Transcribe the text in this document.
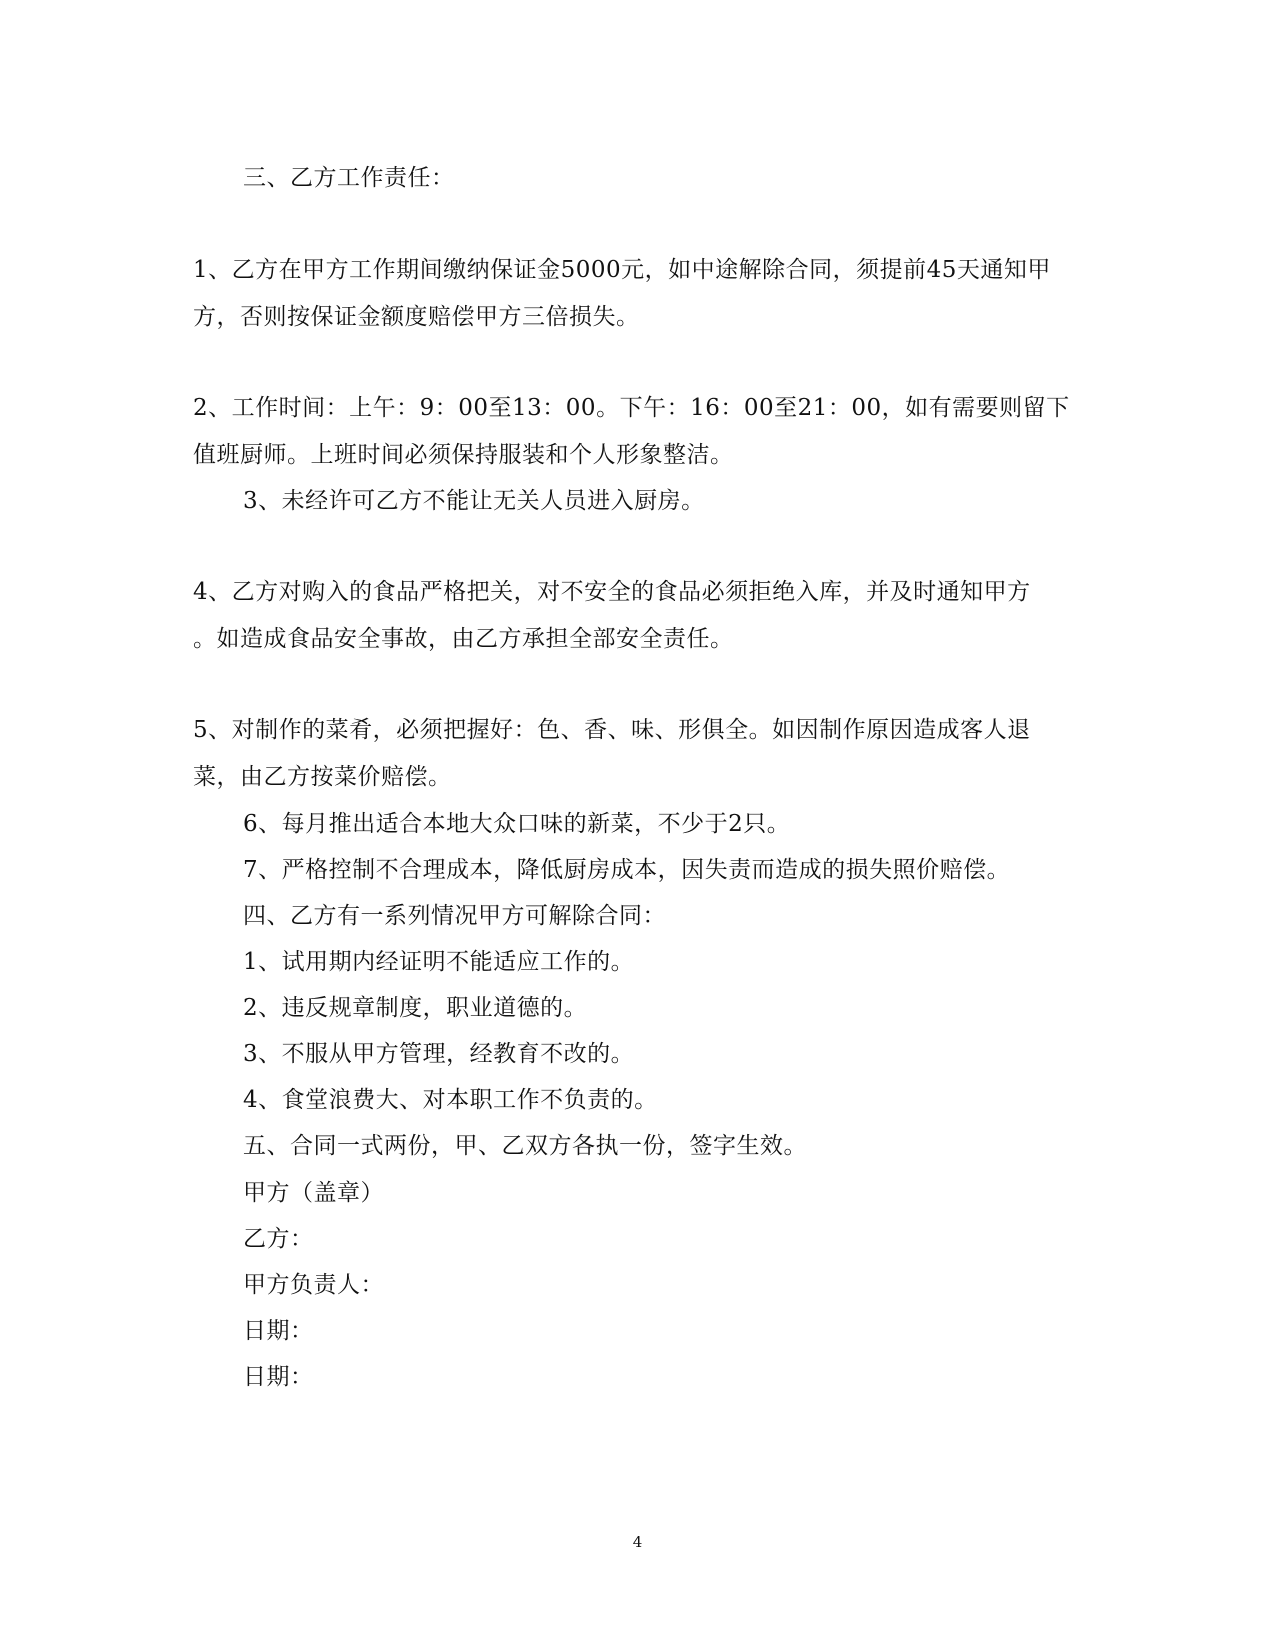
三、乙方工作责任：
1、乙方在甲方工作期间缴纳保证金5000元，如中途解除合同，须提前45天通知甲
方，否则按保证金额度赔偿甲方三倍损失。
2、工作时间：上午：9：00至13：00。下午：16：00至21：00，如有需要则留下
值班厨师。上班时间必须保持服装和个人形象整洁。
3、未经许可乙方不能让无关人员进入厨房。
4、乙方对购入的食品严格把关，对不安全的食品必须拒绝入库，并及时通知甲方
。如造成食品安全事故，由乙方承担全部安全责任。
5、对制作的菜肴，必须把握好：色、香、味、形俱全。如因制作原因造成客人退
菜，由乙方按菜价赔偿。
6、每月推出适合本地大众口味的新菜，不少于2只。
7、严格控制不合理成本，降低厨房成本，因失责而造成的损失照价赔偿。
四、乙方有一系列情况甲方可解除合同：
1、试用期内经证明不能适应工作的。
2、违反规章制度，职业道德的。
3、不服从甲方管理，经教育不改的。
4、食堂浪费大、对本职工作不负责的。
五、合同一式两份，甲、乙双方各执一份，签字生效。
甲方（盖章）
乙方：
甲方负责人：
日期：
日期：
4
